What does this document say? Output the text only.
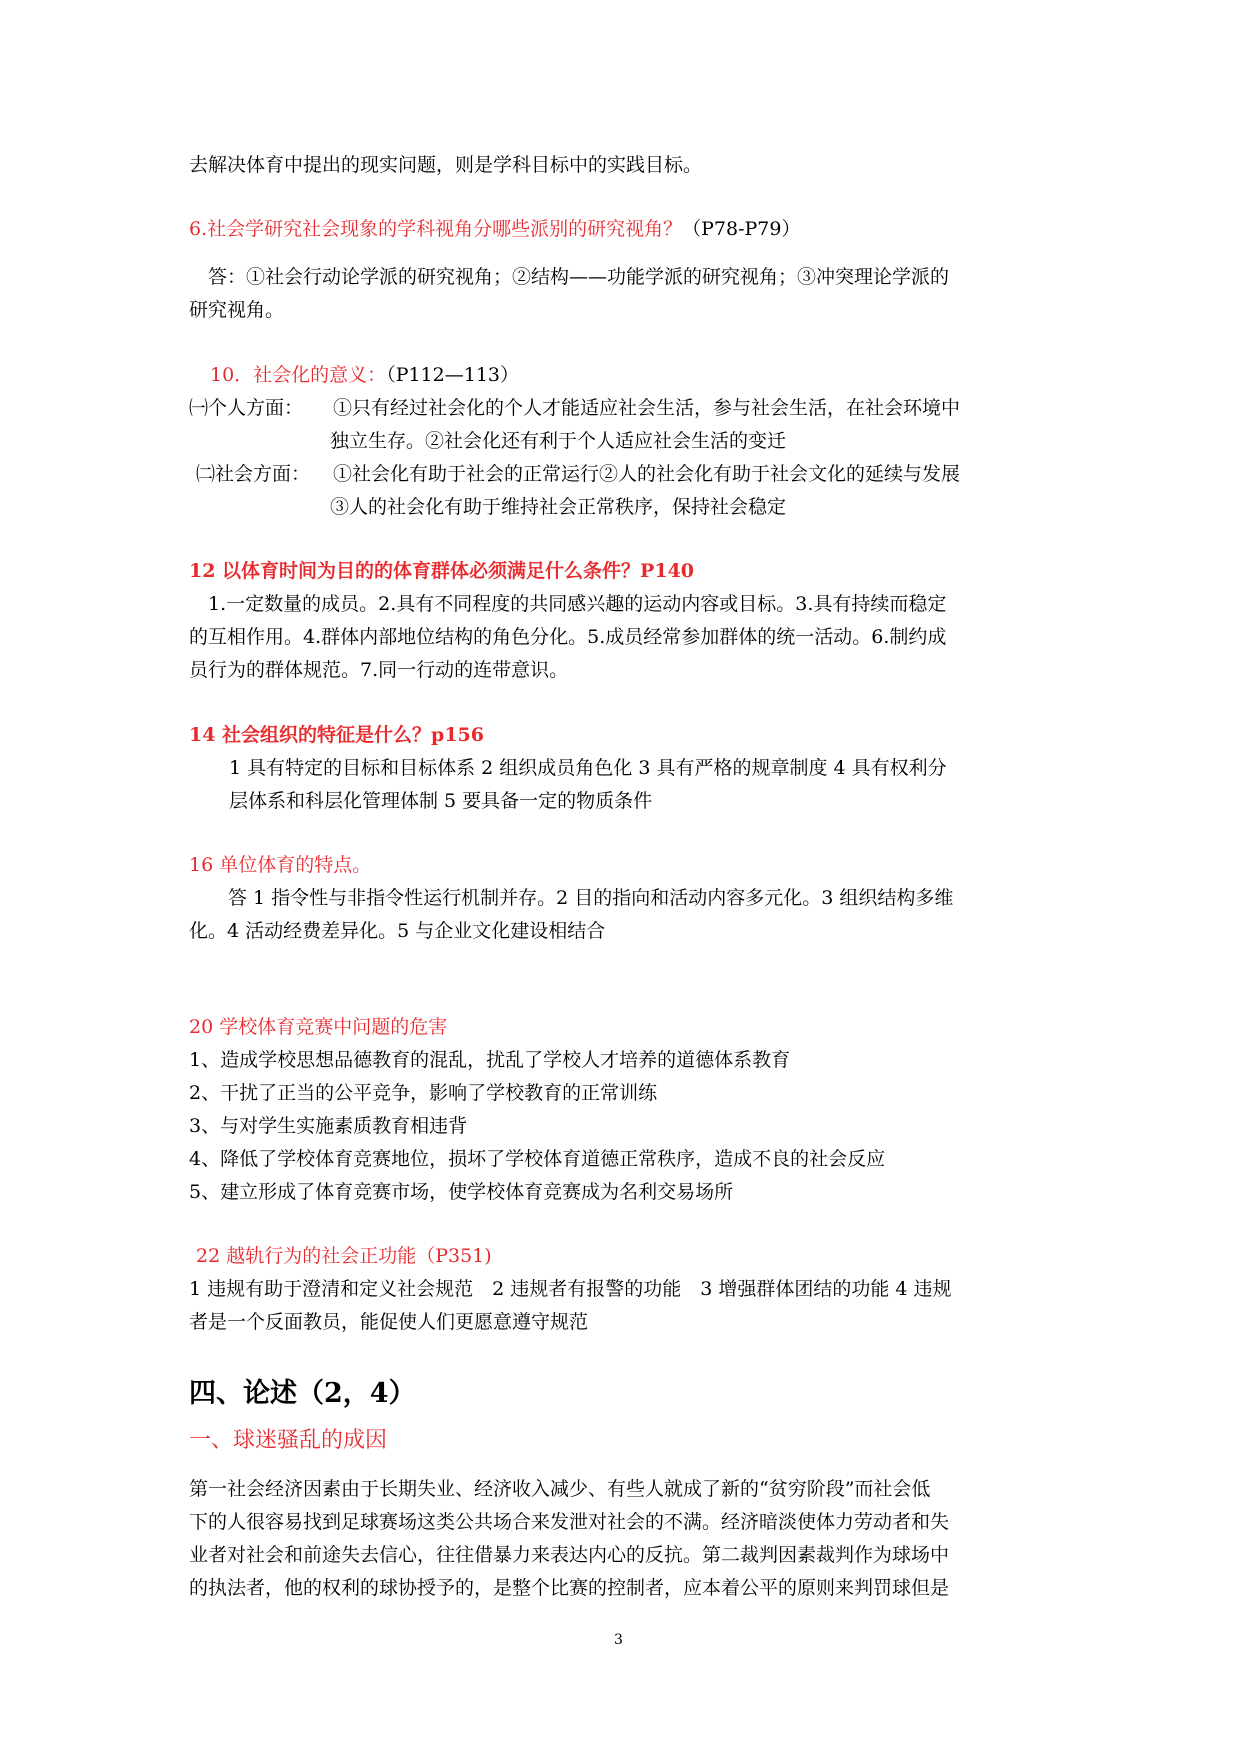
去解决体育中提出的现实问题，则是学科目标中的实践目标。
6.社会学研究社会现象的学科视角分哪些派别的研究视角？（P78-P79）
答：①社会行动论学派的研究视角；②结构——功能学派的研究视角；③冲突理论学派的
研究视角。
10．社会化的意义：（P112—113）
㈠个人方面： ①只有经过社会化的个人才能适应社会生活，参与社会生活，在社会环境中
独立生存。②社会化还有利于个人适应社会生活的变迁
㈡社会方面： ①社会化有助于社会的正常运行②人的社会化有助于社会文化的延续与发展
③人的社会化有助于维持社会正常秩序，保持社会稳定
12 以体育时间为目的的体育群体必须满足什么条件？P140
1.一定数量的成员。2.具有不同程度的共同感兴趣的运动内容或目标。3.具有持续而稳定
的互相作用。4.群体内部地位结构的角色分化。5.成员经常参加群体的统一活动。6.制约成
员行为的群体规范。7.同一行动的连带意识。
14 社会组织的特征是什么？p156
1 具有特定的目标和目标体系 2 组织成员角色化 3 具有严格的规章制度 4 具有权利分
层体系和科层化管理体制 5 要具备一定的物质条件
16 单位体育的特点。
答 1 指令性与非指令性运行机制并存。2 目的指向和活动内容多元化。3 组织结构多维
化。4 活动经费差异化。5 与企业文化建设相结合
20 学校体育竞赛中问题的危害
1、造成学校思想品德教育的混乱，扰乱了学校人才培养的道德体系教育
2、干扰了正当的公平竞争，影响了学校教育的正常训练
3、与对学生实施素质教育相违背
4、降低了学校体育竞赛地位，损坏了学校体育道德正常秩序，造成不良的社会反应
5、建立形成了体育竞赛市场，使学校体育竞赛成为名利交易场所
22 越轨行为的社会正功能（P351)
1 违规有助于澄清和定义社会规范　2 违规者有报警的功能　3 增强群体团结的功能 4 违规
者是一个反面教员，能促使人们更愿意遵守规范
四、论述（2，4）
一、球迷骚乱的成因
第一社会经济因素由于长期失业、经济收入减少、有些人就成了新的“贫穷阶段”而社会低
下的人很容易找到足球赛场这类公共场合来发泄对社会的不满。经济暗淡使体力劳动者和失
业者对社会和前途失去信心，往往借暴力来表达内心的反抗。第二裁判因素裁判作为球场中
的执法者，他的权利的球协授予的，是整个比赛的控制者，应本着公平的原则来判罚球但是
3
